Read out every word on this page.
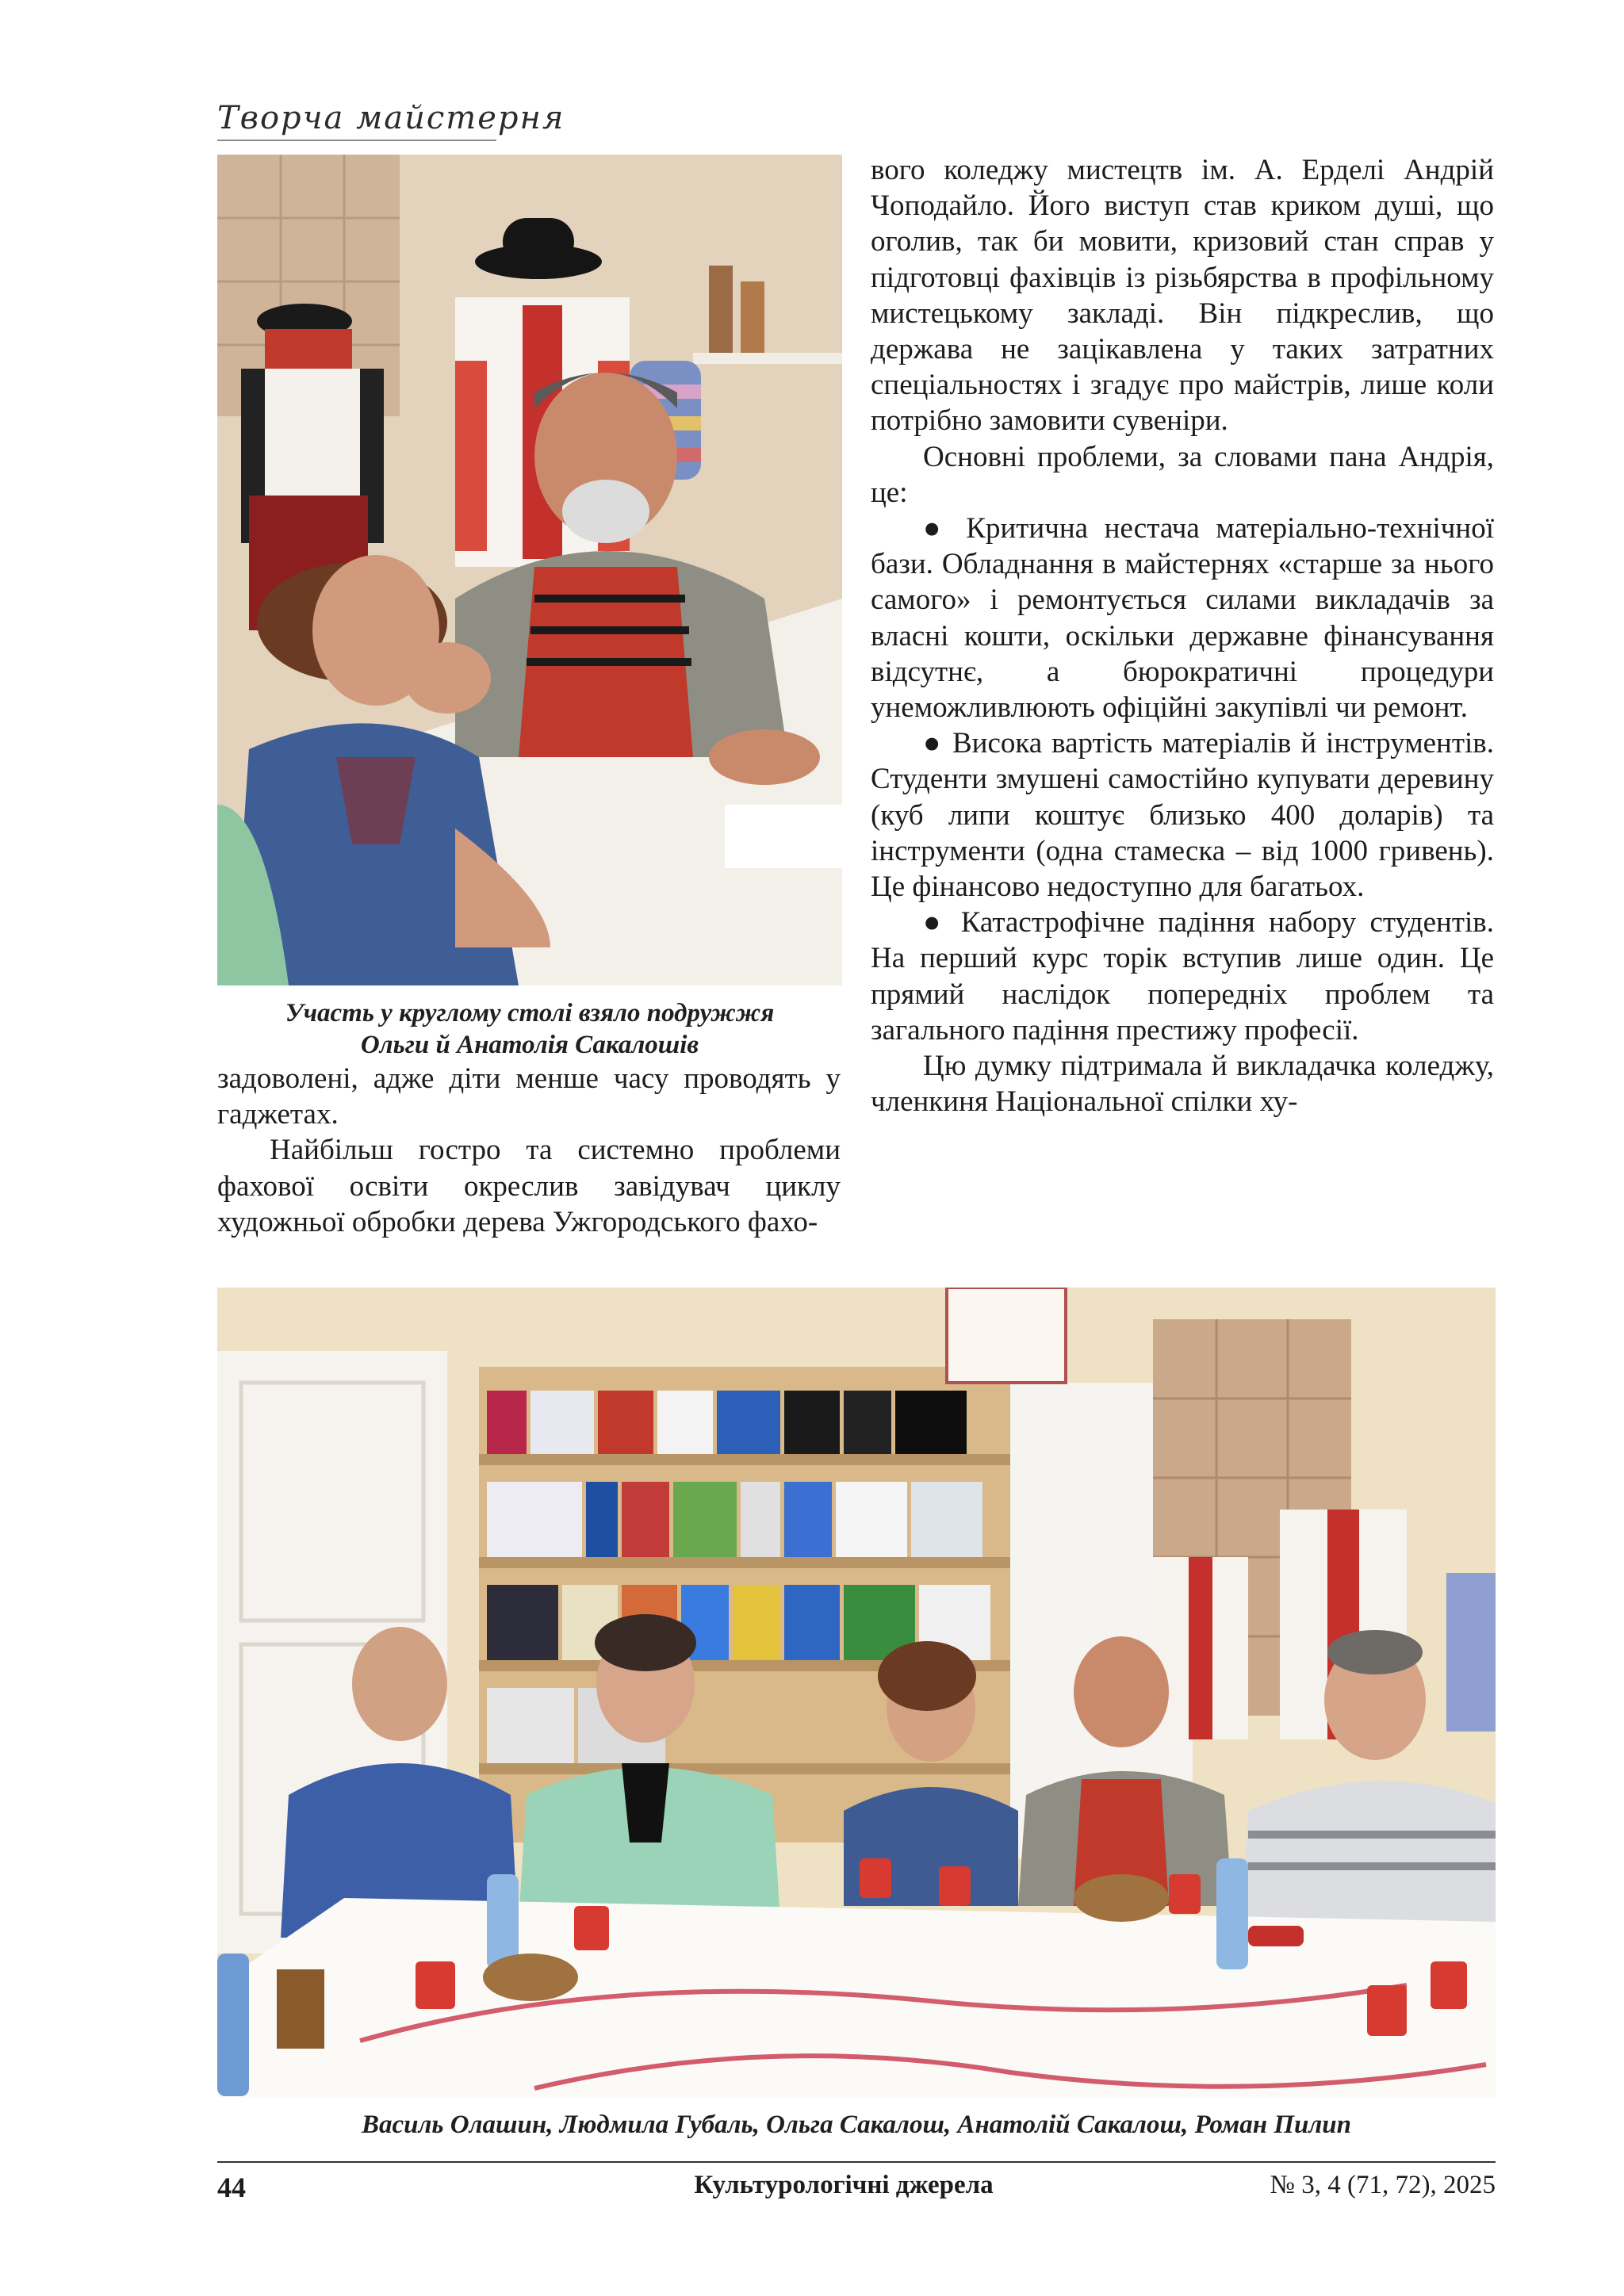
Творча майстерня
Участь у круглому столі взяло подружжя
Ольги й Анатолія Сакалошів

задоволені, адже діти менше часу проводять у гаджетах.

Найбільш гостро та системно проблеми фахової освіти окреслив завідувач циклу художньої обробки дерева Ужгородського фахо-

вого коледжу мистецтв ім. А. Ерделі Андрій Чоподайло. Його виступ став криком душі, що оголив, так би мовити, кризовий стан справ у підготовці фахівців із різьбярства в профільному мистецькому закладі. Він підкреслив, що держава не зацікавлена у таких затратних спеціальностях і згадує про майстрів, лише коли потрібно замовити сувеніри.

Основні проблеми, за словами пана Андрія, це:

● Критична нестача матеріально-технічної бази. Обладнання в майстернях «старше за нього самого» і ремонтується силами викладачів за власні кошти, оскільки державне фінансування відсутнє, а бюрократичні процедури унеможливлюють офіційні закупівлі чи ремонт.

● Висока вартість матеріалів й інструментів. Студенти змушені самостійно купувати деревину (куб липи коштує близько 400 доларів) та інструменти (одна стамеска – від 1000 гривень). Це фінансово недоступно для багатьох.

● Катастрофічне падіння набору студентів. На перший курс торік вступив лише один. Це прямий наслідок попередніх проблем та загального падіння престижу професії.

Цю думку підтримала й викладачка коледжу, членкиня Національної спілки ху-

Василь Олашин, Людмила Губаль, Ольга Сакалош, Анатолій Сакалош, Роман Пилип
44	Культурологічні джерела	№ 3, 4 (71, 72), 2025
